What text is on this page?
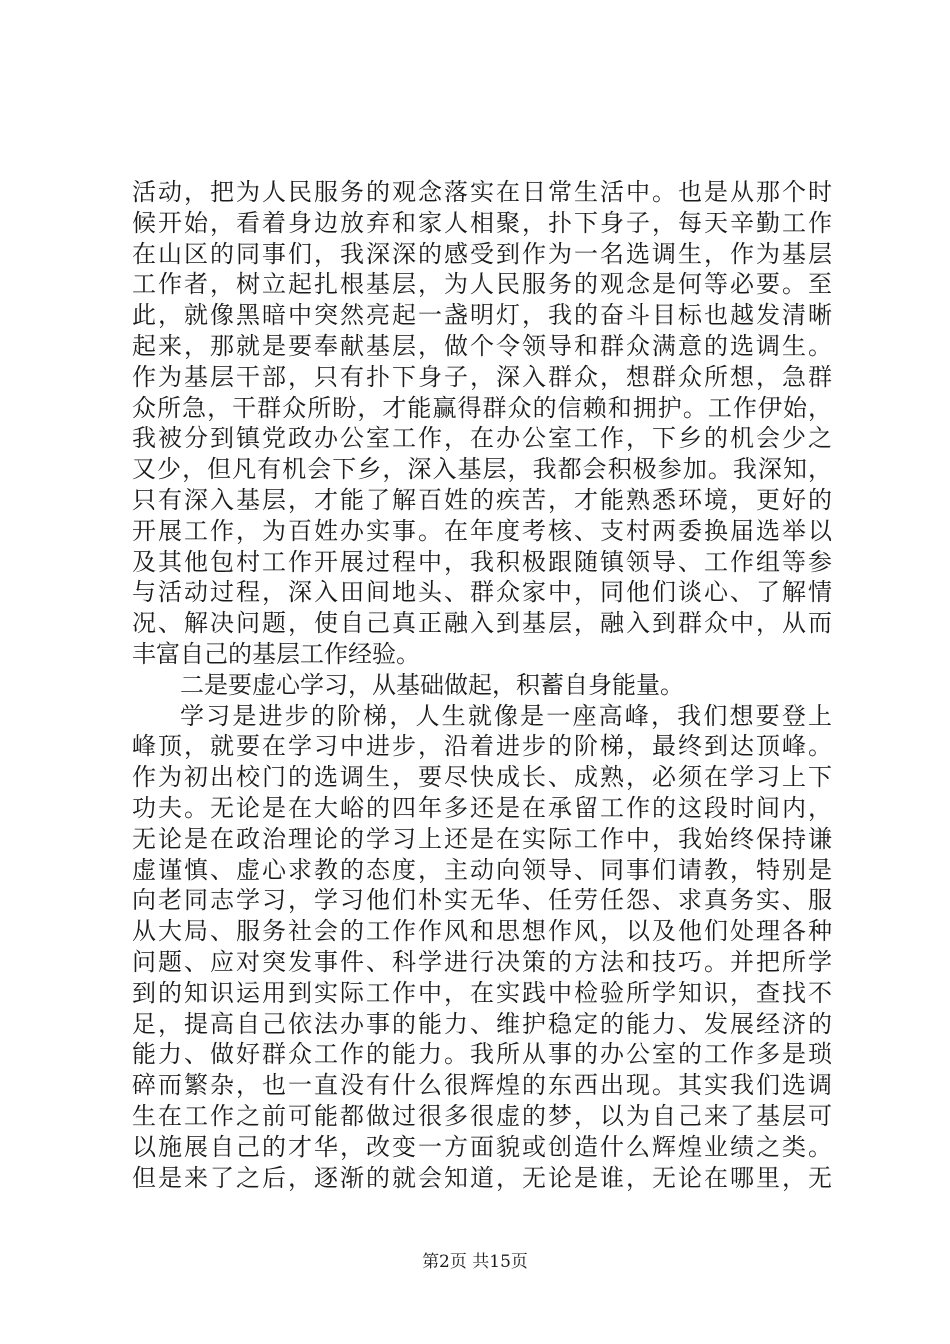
活动，把为人民服务的观念落实在日常生活中。也是从那个时
候开始，看着身边放弃和家人相聚，扑下身子，每天辛勤工作
在山区的同事们，我深深的感受到作为一名选调生，作为基层
工作者，树立起扎根基层，为人民服务的观念是何等必要。至
此，就像黑暗中突然亮起一盏明灯，我的奋斗目标也越发清晰
起来，那就是要奉献基层，做个令领导和群众满意的选调生。
作为基层干部，只有扑下身子，深入群众，想群众所想，急群
众所急，干群众所盼，才能赢得群众的信赖和拥护。工作伊始，
我被分到镇党政办公室工作，在办公室工作，下乡的机会少之
又少，但凡有机会下乡，深入基层，我都会积极参加。我深知，
只有深入基层，才能了解百姓的疾苦，才能熟悉环境，更好的
开展工作，为百姓办实事。在年度考核、支村两委换届选举以
及其他包村工作开展过程中，我积极跟随镇领导、工作组等参
与活动过程，深入田间地头、群众家中，同他们谈心、了解情
况、解决问题，使自己真正融入到基层，融入到群众中，从而
丰富自己的基层工作经验。
二是要虚心学习，从基础做起，积蓄自身能量。
学习是进步的阶梯，人生就像是一座高峰，我们想要登上
峰顶，就要在学习中进步，沿着进步的阶梯，最终到达顶峰。
作为初出校门的选调生，要尽快成长、成熟，必须在学习上下
功夫。无论是在大峪的四年多还是在承留工作的这段时间内，
无论是在政治理论的学习上还是在实际工作中，我始终保持谦
虚谨慎、虚心求教的态度，主动向领导、同事们请教，特别是
向老同志学习，学习他们朴实无华、任劳任怨、求真务实、服
从大局、服务社会的工作作风和思想作风，以及他们处理各种
问题、应对突发事件、科学进行决策的方法和技巧。并把所学
到的知识运用到实际工作中，在实践中检验所学知识，查找不
足，提高自己依法办事的能力、维护稳定的能力、发展经济的
能力、做好群众工作的能力。我所从事的办公室的工作多是琐
碎而繁杂，也一直没有什么很辉煌的东西出现。其实我们选调
生在工作之前可能都做过很多很虚的梦，以为自己来了基层可
以施展自己的才华，改变一方面貌或创造什么辉煌业绩之类。
但是来了之后，逐渐的就会知道，无论是谁，无论在哪里，无
第2页 共15页
